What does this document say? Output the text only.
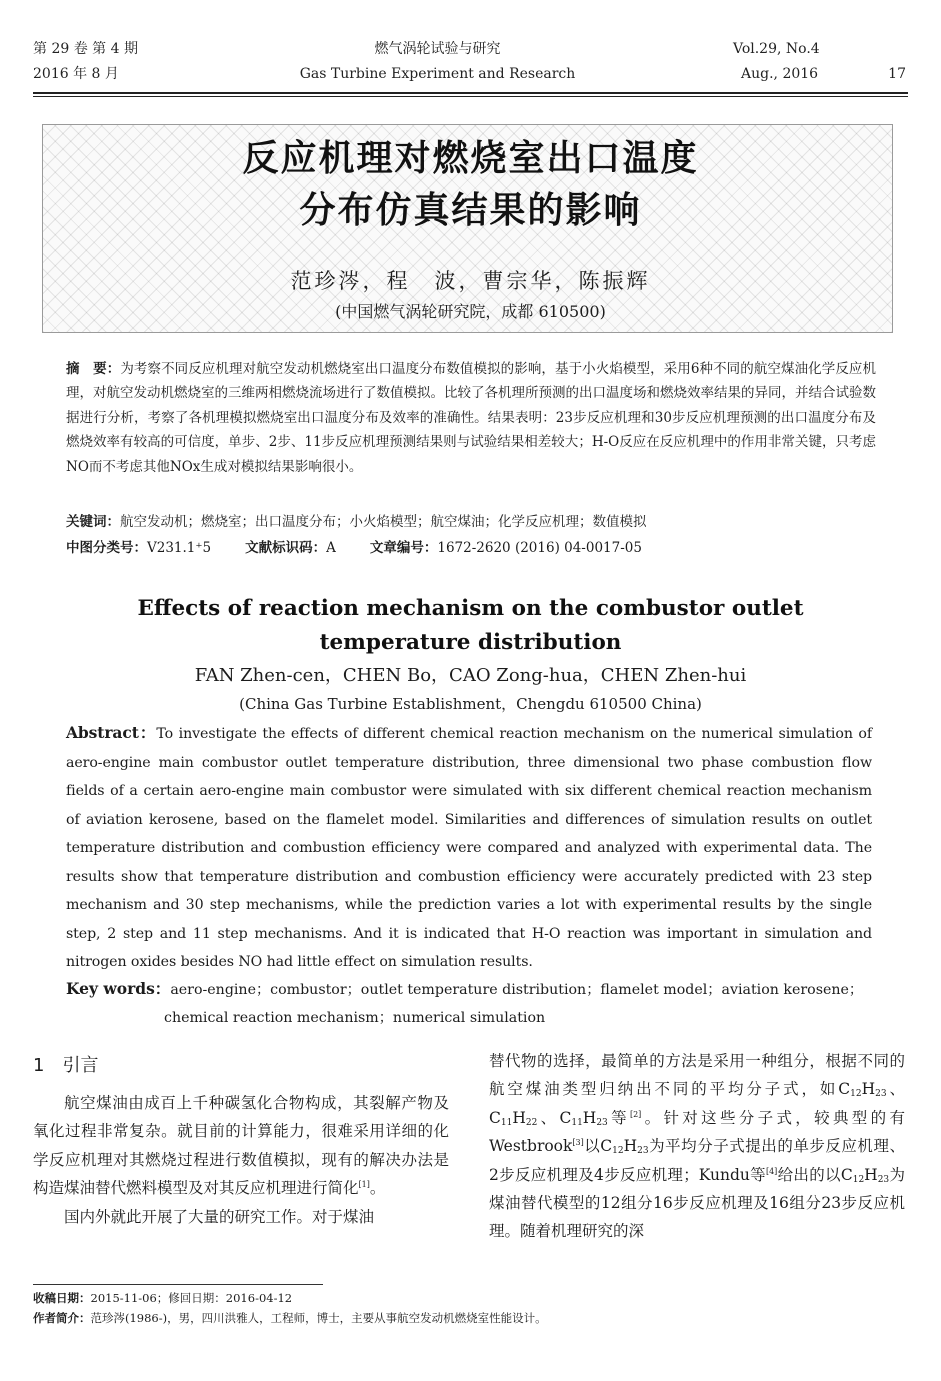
第 29 卷 第 4 期
2016 年 8 月
燃气涡轮试验与研究
Gas Turbine Experiment and Research
Vol.29, No.4
Aug., 2016	17
反应机理对燃烧室出口温度
分布仿真结果的影响
范珍涔，程　波，曹宗华，陈振辉
(中国燃气涡轮研究院，成都 610500)
摘　要：为考察不同反应机理对航空发动机燃烧室出口温度分布数值模拟的影响，基于小火焰模型，采用6种不同的航空煤油化学反应机理，对航空发动机燃烧室的三维两相燃烧流场进行了数值模拟。比较了各机理所预测的出口温度场和燃烧效率结果的异同，并结合试验数据进行分析，考察了各机理模拟燃烧室出口温度分布及效率的准确性。结果表明：23步反应机理和30步反应机理预测的出口温度分布及燃烧效率有较高的可信度，单步、2步、11步反应机理预测结果则与试验结果相差较大；H-O反应在反应机理中的作用非常关键，只考虑NO而不考虑其他NOx生成对模拟结果影响很小。
关键词：航空发动机；燃烧室；出口温度分布；小火焰模型；航空煤油；化学反应机理；数值模拟
中图分类号：V231.1⁺5	文献标识码：A	文章编号：1672-2620 (2016) 04-0017-05
Effects of reaction mechanism on the combustor outlet
temperature distribution
FAN Zhen-cen，CHEN Bo，CAO Zong-hua，CHEN Zhen-hui
(China Gas Turbine Establishment，Chengdu 610500 China)
Abstract：To investigate the effects of different chemical reaction mechanism on the numerical simulation of aero-engine main combustor outlet temperature distribution, three dimensional two phase combustion flow fields of a certain aero-engine main combustor were simulated with six different chemical reaction mechanism of aviation kerosene, based on the flamelet model. Similarities and differences of simulation results on outlet temperature distribution and combustion efficiency were compared and analyzed with experimental data. The results show that temperature distribution and combustion efficiency were accurately predicted with 23 step mechanism and 30 step mechanisms, while the prediction varies a lot with experimental results by the single step, 2 step and 11 step mechanisms. And it is indicated that H-O reaction was important in simulation and nitrogen oxides besides NO had little effect on simulation results.
Key words：aero-engine；combustor；outlet temperature distribution；flamelet model；aviation kerosene；
chemical reaction mechanism；numerical simulation
1　引言

航空煤油由成百上千种碳氢化合物构成，其裂解产物及氧化过程非常复杂。就目前的计算能力，很难采用详细的化学反应机理对其燃烧过程进行数值模拟，现有的解决办法是构造煤油替代燃料模型及对其反应机理进行简化[1]。

国内外就此开展了大量的研究工作。对于煤油

替代物的选择，最简单的方法是采用一种组分，根据不同的航空煤油类型归纳出不同的平均分子式，如$C_{12}H_{23}$、$C_{11}H_{22}$、$C_{11}H_{23}$等[2]。针对这些分子式，较典型的有Westbrook[3]以$C_{12}H_{23}$为平均分子式提出的单步反应机理、2步反应机理及4步反应机理；Kundu等[4]给出的以$C_{12}H_{23}$为煤油替代模型的12组分16步反应机理及16组分23步反应机理。随着机理研究的深

收稿日期：2015-11-06；修回日期：2016-04-12
作者简介：范珍涔(1986-)，男，四川洪雅人，工程师，博士，主要从事航空发动机燃烧室性能设计。
